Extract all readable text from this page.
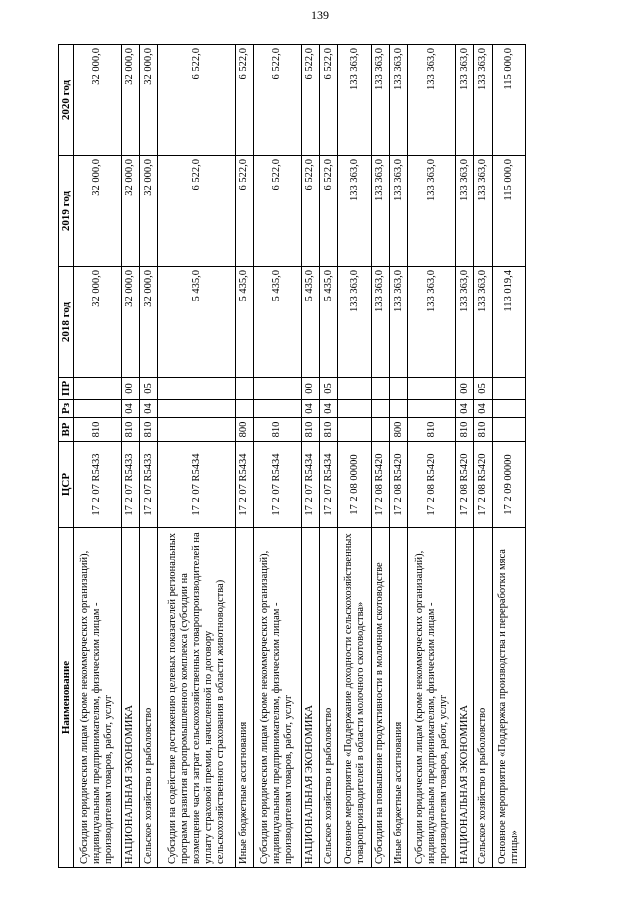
139
Наименование	ЦСР	ВР	Рз	ПР	2018 год	2019 год	2020 год
Субсидии юридическим лицам (кроме некоммерческих организаций), индивидуальным предпринимателям, физическим лицам - производителям товаров, работ, услуг	17 2 07 R5433	810			32 000,0	32 000,0	32 000,0
НАЦИОНАЛЬНАЯ ЭКОНОМИКА	17 2 07 R5433	810	04	00	32 000,0	32 000,0	32 000,0
Сельское хозяйство и рыболовство	17 2 07 R5433	810	04	05	32 000,0	32 000,0	32 000,0
Субсидии на содействие достижению целевых показателей региональных программ развития агропромышленного комплекса (субсидии на возмещение части затрат сельскохозяйственных товаропроизводителей на уплату страховой премии, начисленной по договору сельскохозяйственного страхования в области животноводства)	17 2 07 R5434				5 435,0	6 522,0	6 522,0
Иные бюджетные ассигнования	17 2 07 R5434	800			5 435,0	6 522,0	6 522,0
Субсидии юридическим лицам (кроме некоммерческих организаций), индивидуальным предпринимателям, физическим лицам - производителям товаров, работ, услуг	17 2 07 R5434	810			5 435,0	6 522,0	6 522,0
НАЦИОНАЛЬНАЯ ЭКОНОМИКА	17 2 07 R5434	810	04	00	5 435,0	6 522,0	6 522,0
Сельское хозяйство и рыболовство	17 2 07 R5434	810	04	05	5 435,0	6 522,0	6 522,0
Основное мероприятие «Поддержание доходности сельскохозяйственных товаропроизводителей в области молочного скотоводства»	17 2 08 00000				133 363,0	133 363,0	133 363,0
Субсидии на повышение продуктивности в молочном скотоводстве	17 2 08 R5420				133 363,0	133 363,0	133 363,0
Иные бюджетные ассигнования	17 2 08 R5420	800			133 363,0	133 363,0	133 363,0
Субсидии юридическим лицам (кроме некоммерческих организаций), индивидуальным предпринимателям, физическим лицам - производителям товаров, работ, услуг	17 2 08 R5420	810			133 363,0	133 363,0	133 363,0
НАЦИОНАЛЬНАЯ ЭКОНОМИКА	17 2 08 R5420	810	04	00	133 363,0	133 363,0	133 363,0
Сельское хозяйство и рыболовство	17 2 08 R5420	810	04	05	133 363,0	133 363,0	133 363,0
Основное мероприятие «Поддержка производства и переработки мяса птицы»	17 2 09 00000				113 019,4	115 000,0	115 000,0
